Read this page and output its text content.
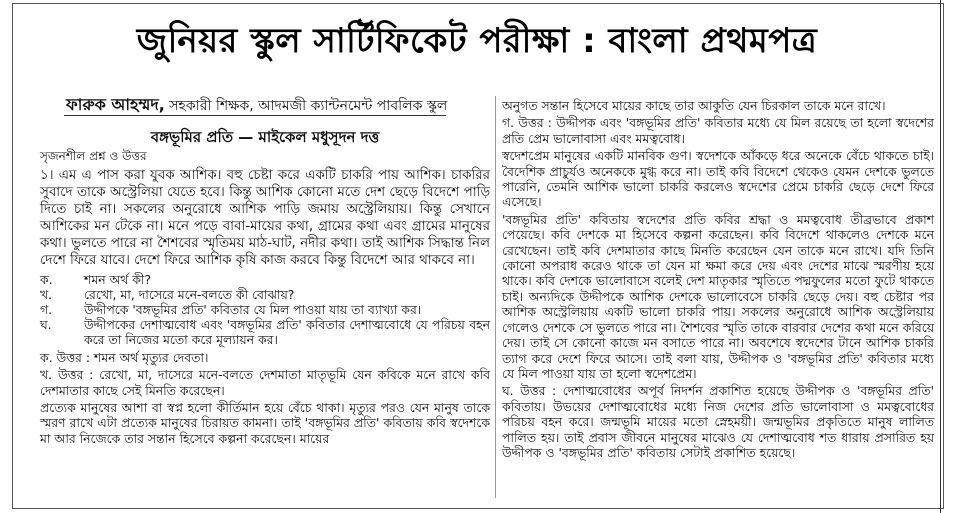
জুনিয়র স্কুল সার্টিফিকেট পরীক্ষা : বাংলা প্রথমপত্র
ফারুক আহম্মদ, সহকারী শিক্ষক, আদমজী ক্যান্টনমেন্ট পাবলিক স্কুল
বঙ্গভূমির প্রতি — মাইকেল মধুসূদন দত্ত
সৃজনশীল প্রশ্ন ও উত্তর
১। এম এ পাস করা যুবক আশিক। বহু চেষ্টা করে একটি চাকরি পায় আশিক। চাকরির সুবাদে তাকে অস্ট্রেলিয়া যেতে হবে। কিন্তু আশিক কোনো মতে দেশ ছেড়ে বিদেশে পাড়ি দিতে চাই না। সকলের অনুরোধে আশিক পাড়ি জমায় অস্ট্রেলিয়ায়। কিন্তু সেখানে আশিকের মন টেকে না। মনে পড়ে বাবা-মায়ের কথা, গ্রামের কথা এবং গ্রামের মানুষের কথা। ভুলতে পারে না শৈশবের স্মৃতিময় মাঠ-ঘাট, নদীর কথা। তাই আশিক সিদ্ধান্ত নিল দেশে ফিরে যাবে। দেশে ফিরে আশিক কৃষি কাজ করবে কিন্তু বিদেশে আর থাকবে না।
ক.	শমন অর্থ কী?
খ.	রেখো, মা, দাসেরে মনে-বলতে কী বোঝায়?
গ.	উদ্দীপকে 'বঙ্গভূমির প্রতি' কবিতার যে মিল পাওয়া যায় তা ব্যাখ্যা কর।
ঘ.	উদ্দীপকের দেশাত্মবোধ এবং 'বঙ্গভূমির প্রতি' কবিতার দেশাত্মবোধে যে পরিচয় বহন করে তা নিজের মতো করে মূল্যায়ন কর।

ক. উত্তর : শমন অর্থ মৃত্যুর দেবতা।

খ. উত্তর : রেখো, মা, দাসেরে মনে-বলতে দেশমাতা মাতৃভূমি যেন কবিকে মনে রাখে কবি দেশমাতার কাছে সেই মিনতি করেছেন।

প্রত্যেক মানুষের আশা বা স্বপ্ন হলো কীর্তিমান হয়ে বেঁচে থাকা। মৃত্যুর পরও যেন মানুষ তাকে স্মরণ রাখে এটা প্রত্যেক মানুষের চিরায়ত কামনা। তাই 'বঙ্গভূমির প্রতি' কবিতায় কবি স্বদেশকে মা আর নিজেকে তার সন্তান হিসেবে কল্পনা করেছেন। মায়ের

অনুগত সন্তান হিসেবে মায়ের কাছে তার আকুতি যেন চিরকাল তাকে মনে রাখে।

গ. উত্তর : উদ্দীপক এবং 'বঙ্গভূমির প্রতি' কবিতার মধ্যে যে মিল রয়েছে তা হলো স্বদেশের প্রতি প্রেম ভালোবাসা এবং মমত্ববোধ।

স্বদেশপ্রেম মানুষের একটি মানবিক গুণ। স্বদেশকে আঁকড়ে ধরে অনেকে বেঁচে থাকতে চাই। বৈদেশিক প্রাচুর্যও অনেককে মুগ্ধ করে না। তাই কবি বিদেশে থেকেও যেমন দেশকে ভুলতে পারেনি, তেমনি আশিক ভালো চাকরি করলেও স্বদেশের প্রেমে চাকরি ছেড়ে দেশে ফিরে এসেছে।

'বঙ্গভূমির প্রতি' কবিতায় স্বদেশের প্রতি কবির শ্রদ্ধা ও মমত্ববোধ তীব্রভাবে প্রকাশ পেয়েছে। কবি দেশকে মা হিসেবে কল্পনা করেছেন। কবি বিদেশে থাকলেও দেশকে মনে রেখেছেন। তাই কবি দেশমাতার কাছে মিনতি করেছেন যেন তাকে মনে রাখে। যদি তিনি কোনো অপরাধ করেও থাকে তা যেন মা ক্ষমা করে দেয় এবং দেশের মাঝে স্মরণীয় হয়ে থাকে। কবি দেশকে ভালোবাসে বলেই দেশ মাতৃকার স্মৃতিতে পদ্মফুলের মতো ফুটে থাকতে চাই। অন্যদিকে উদ্দীপকে আশিক দেশকে ভালোবেসে চাকরি ছেড়ে দেয়। বহু চেষ্টার পর আশিক অস্ট্রেলিয়ায় একটি ভালো চাকরি পায়। সকলের অনুরোধে আশিক অস্ট্রেলিয়ায় গেলেও দেশকে সে ভুলতে পারে না। শৈশবের স্মৃতি তাকে বারবার দেশের কথা মনে করিয়ে দেয়। তাই সে কোনো কাজে মন বসাতে পারে না। অবশেষে স্বদেশের টানে আশিক চাকরি ত্যাগ করে দেশে ফিরে আসে। তাই বলা যায়, উদ্দীপক ও 'বঙ্গভূমির প্রতি' কবিতার মধ্যে যে মিল পাওয়া যায় তা হলো স্বদেশপ্রেম।

ঘ. উত্তর : দেশাত্মবোধের অপূর্ব নিদর্শন প্রকাশিত হয়েছে উদ্দীপক ও 'বঙ্গভূমির প্রতি' কবিতায়। উভয়ের দেশাত্মবোধের মধ্যে নিজ দেশের প্রতি ভালোবাসা ও মমত্ববোধের পরিচয় বহন করে। জন্মভূমি মায়ের মতো স্নেহময়ী। জন্মভূমির প্রকৃতিতে মানুষ লালিত পালিত হয়। তাই প্রবাস জীবনে মানুষের মাঝেও যে দেশাত্মবোধ শত ধারায় প্রসারিত হয় উদ্দীপক ও 'বঙ্গভূমির প্রতি' কবিতায় সেটাই প্রকাশিত হয়েছে।
